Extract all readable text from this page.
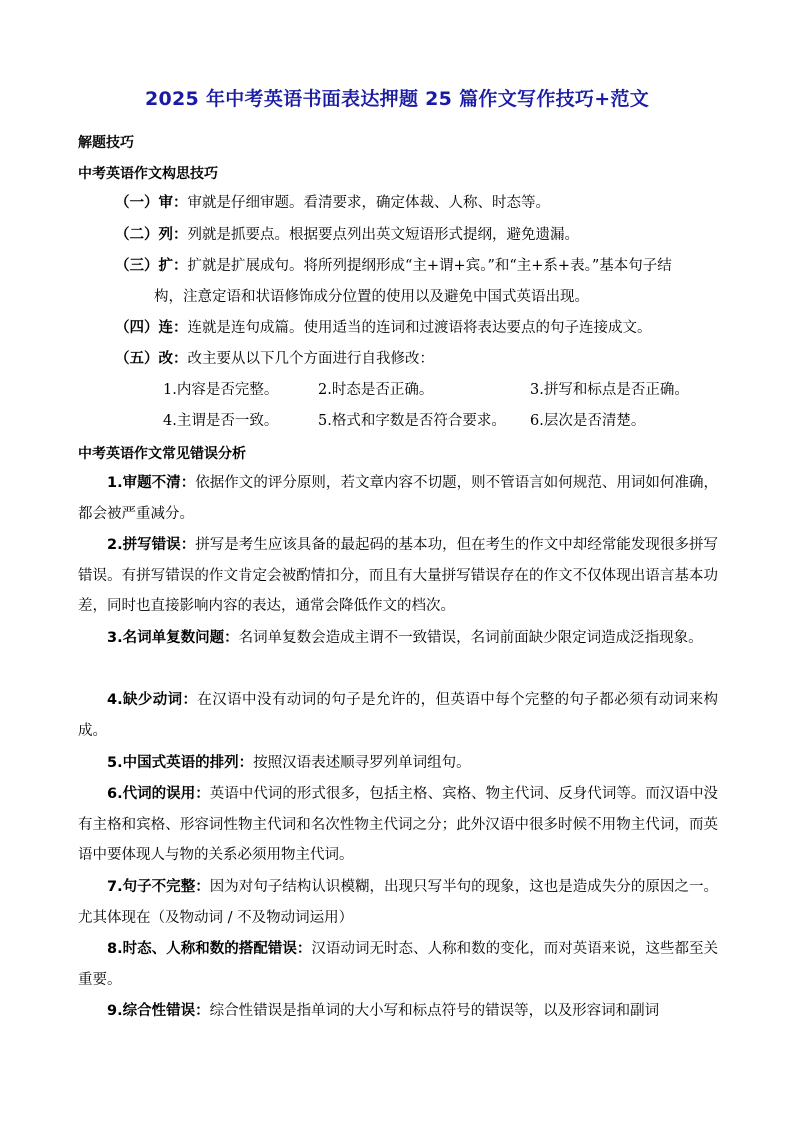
2025 年中考英语书面表达押题 25 篇作文写作技巧+范文
解题技巧
中考英语作文构思技巧
（一）审：审就是仔细审题。看清要求，确定体裁、人称、时态等。
（二）列：列就是抓要点。根据要点列出英文短语形式提纲，避免遗漏。
（三）扩：扩就是扩展成句。将所列提纲形成“主+谓+宾。”和“主+系+表。”基本句子结
构，注意定语和状语修饰成分位置的使用以及避免中国式英语出现。
（四）连：连就是连句成篇。使用适当的连词和过渡语将表达要点的句子连接成文。
（五）改：改主要从以下几个方面进行自我修改：
1.内容是否完整。	2.时态是否正确。	3.拼写和标点是否正确。
4.主谓是否一致。	5.格式和字数是否符合要求。 6.层次是否清楚。
中考英语作文常见错误分析
1.审题不清：依据作文的评分原则，若文章内容不切题，则不管语言如何规范、用词如何准确，都会被严重减分。
2.拼写错误：拼写是考生应该具备的最起码的基本功，但在考生的作文中却经常能发现很多拼写错误。有拼写错误的作文肯定会被酌情扣分，而且有大量拼写错误存在的作文不仅体现出语言基本功差，同时也直接影响内容的表达，通常会降低作文的档次。
3.名词单复数问题：名词单复数会造成主谓不一致错误，名词前面缺少限定词造成泛指现象。
4.缺少动词：在汉语中没有动词的句子是允许的，但英语中每个完整的句子都必须有动词来构成。
5.中国式英语的排列：按照汉语表述顺寻罗列单词组句。
6.代词的误用：英语中代词的形式很多，包括主格、宾格、物主代词、反身代词等。而汉语中没有主格和宾格、形容词性物主代词和名次性物主代词之分；此外汉语中很多时候不用物主代词，而英语中要体现人与物的关系必须用物主代词。
7.句子不完整：因为对句子结构认识模糊，出现只写半句的现象，这也是造成失分的原因之一。尤其体现在（及物动词 / 不及物动词运用）
8.时态、人称和数的搭配错误：汉语动词无时态、人称和数的变化，而对英语来说，这些都至关重要。
9.综合性错误：综合性错误是指单词的大小写和标点符号的错误等，以及形容词和副词
